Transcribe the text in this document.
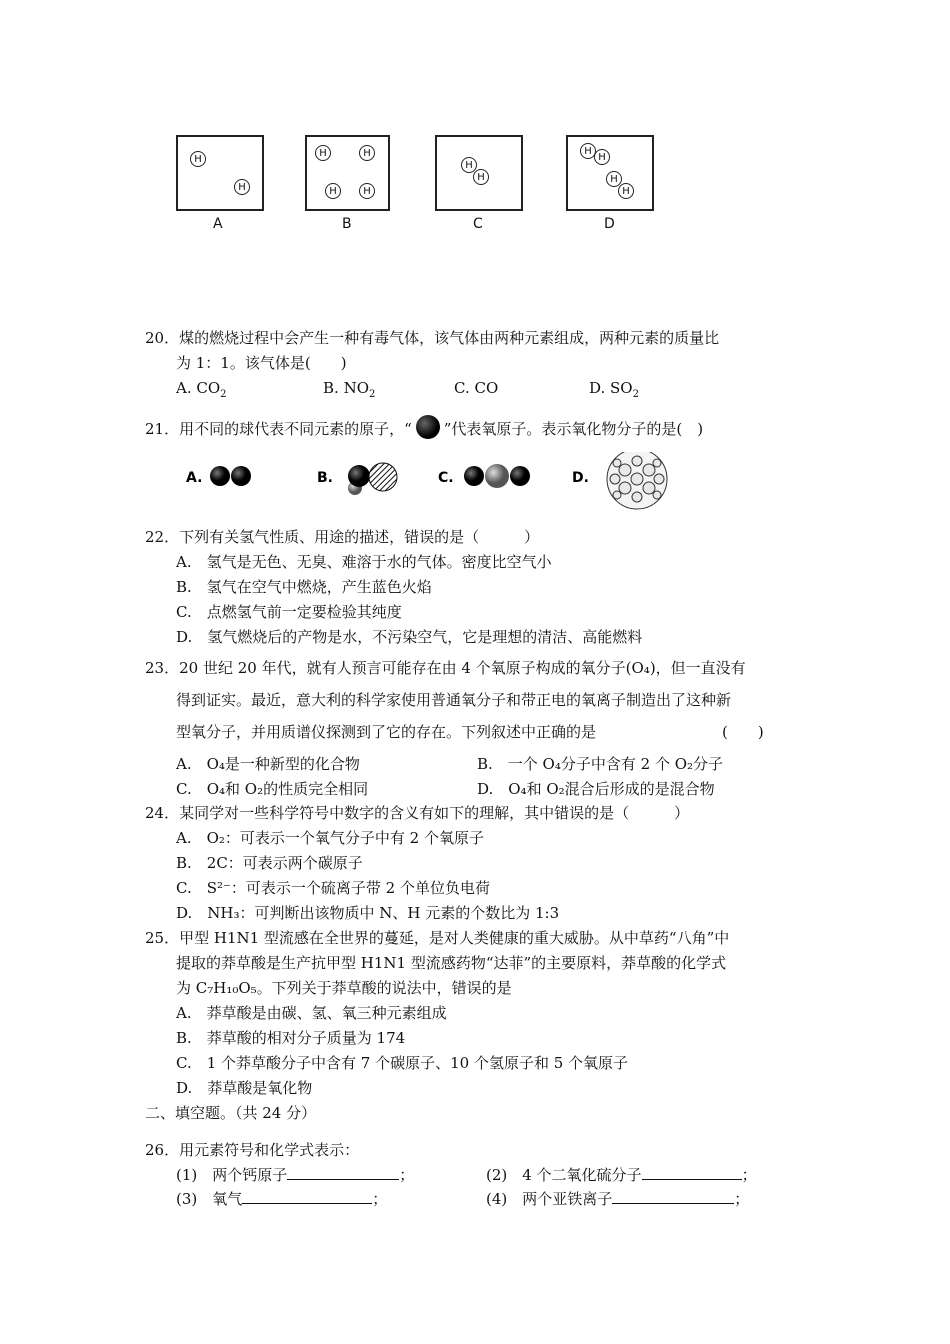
H
H
A
H	H
H	H
B
H
H
C
H
H
H
H
D
20．煤的燃烧过程中会产生一种有毒气体，该气体由两种元素组成，两种元素的质量比
为 1：1。该气体是(　　)
A. $CO_2$	B. $NO_2$	C. CO	D. $SO_2$
21．用不同的球代表不同元素的原子，“ ”代表氧原子。表示氧化物分子的是(　)
A.	B.	C.	D.
22．下列有关氢气性质、用途的描述，错误的是（　　　）
A.　氢气是无色、无臭、难溶于水的气体。密度比空气小
B.　氢气在空气中燃烧，产生蓝色火焰
C.　点燃氢气前一定要检验其纯度
D.　氢气燃烧后的产物是水，不污染空气，它是理想的清洁、高能燃料
23．20 世纪 20 年代，就有人预言可能存在由 4 个氧原子构成的氧分子(O₄)，但一直没有
得到证实。最近，意大利的科学家使用普通氧分子和带正电的氧离子制造出了这种新
型氧分子，并用质谱仪探测到了它的存在。下列叙述中正确的是	(　　)
A.　O₄是一种新型的化合物	B.　一个 O₄分子中含有 2 个 O₂分子
C.　O₄和 O₂的性质完全相同	D.　O₄和 O₂混合后形成的是混合物
24．某同学对一些科学符号中数字的含义有如下的理解，其中错误的是（　　　）
A.　O₂：可表示一个氧气分子中有 2 个氧原子
B.　2C：可表示两个碳原子
C.　S²⁻：可表示一个硫离子带 2 个单位负电荷
D.　NH₃：可判断出该物质中 N、H 元素的个数比为 1:3
25．甲型 H1N1 型流感在全世界的蔓延，是对人类健康的重大威胁。从中草药“八角”中
提取的莽草酸是生产抗甲型 H1N1 型流感药物“达菲”的主要原料，莽草酸的化学式
为 C₇H₁₀O₅。下列关于莽草酸的说法中，错误的是
A.　莽草酸是由碳、氢、氧三种元素组成
B.　莽草酸的相对分子质量为 174
C.　1 个莽草酸分子中含有 7 个碳原子、10 个氢原子和 5 个氧原子
D.　莽草酸是氧化物
二、填空题。（共 24 分）
26．用元素符号和化学式表示：
(1)　两个钙原子	；	(2)　4 个二氧化硫分子	；
(3)　氧气	；	(4)　两个亚铁离子	；
